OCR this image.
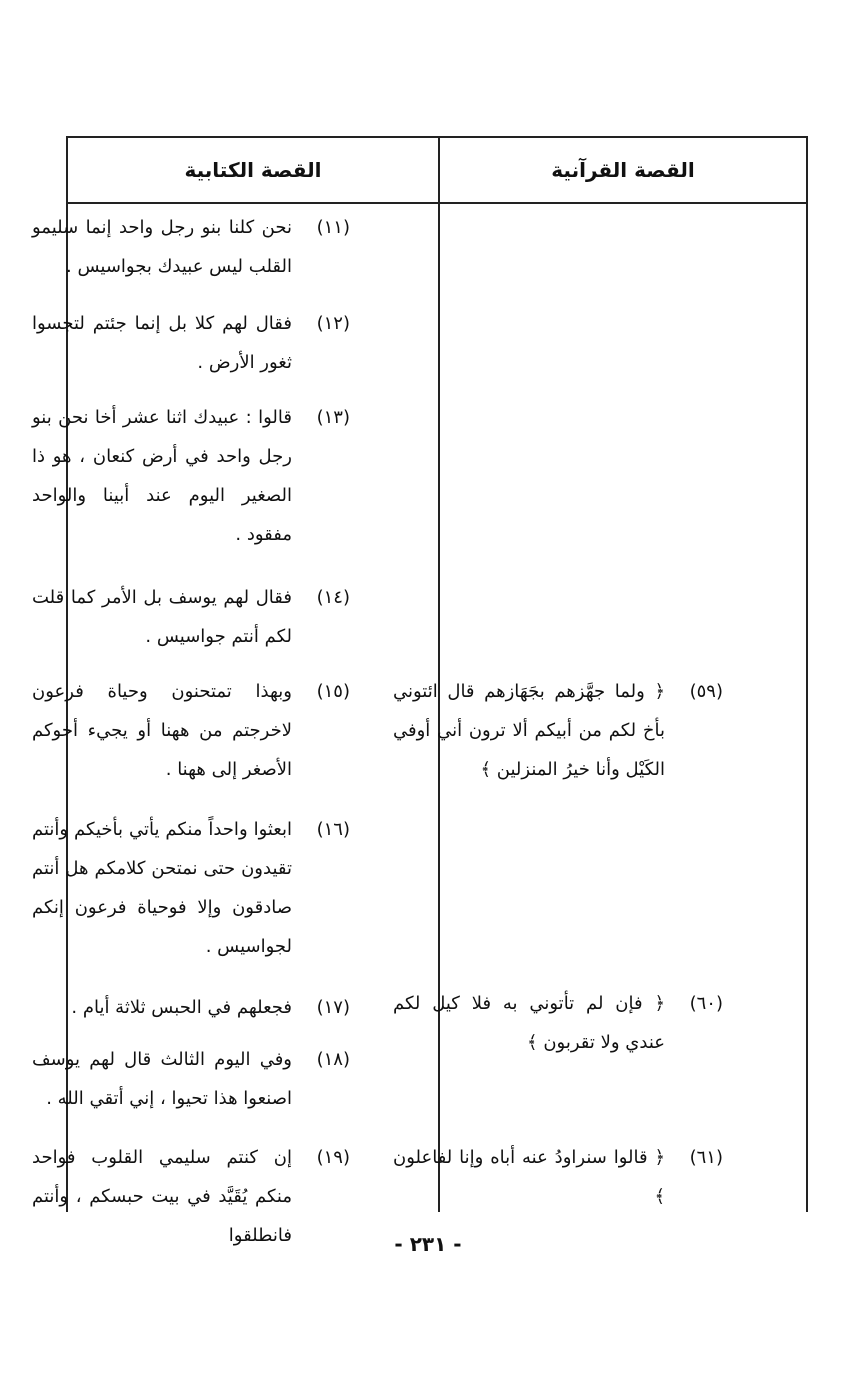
القصة الكتابية	القصة القرآنية
(١١)
نحن كلنا بنو رجل واحد إنما سليمو القلب ليس عبيدك بجواسيس .
(١٢)
فقال لهم كلا بل إنما جئتم لتجسوا ثغور الأرض .
(١٣)
قالوا : عبيدك اثنا عشر أخا نحن بنو رجل واحد في أرض كنعان ، هو ذا الصغير اليوم عند أبينا والواحد مفقود .
(١٤)
فقال لهم يوسف بل الأمر كما قلت لكم أنتم جواسيس .
(١٥)
وبهذا تمتحنون وحياة فرعون لاخرجتم من ههنا أو يجيء أخوكم الأصغر إلى ههنا .
(١٦)
ابعثوا واحداً منكم يأتي بأخيكم وأنتم تقيدون حتى نمتحن كلامكم هل أنتم صادقون وإلا فوحياة فرعون إنكم لجواسيس .
(١٧)
فجعلهم في الحبس ثلاثة أيام .
(١٨)
وفي اليوم الثالث قال لهم يوسف اصنعوا هذا تحيوا ، إني أتقي الله .
(١٩)
إن كنتم سليمي القلوب فواحد منكم يُقَيَّد في بيت حبسكم ، وأنتم فانطلقوا
(٥٩)
﴿ ولما جهَّزهم بجَهَازهم قال ائتوني بأخ لكم من أبيكم ألا ترون أني أوفي الكَيْل وأنا خيرُ المنزلين ﴾
(٦٠)
﴿ فإن لم تأتوني به فلا كيل لكم عندي ولا تقربون ﴾
(٦١)
﴿ قالوا سنراودُ عنه أباه وإنا لفاعلون ﴾
- ٢٣١ -
